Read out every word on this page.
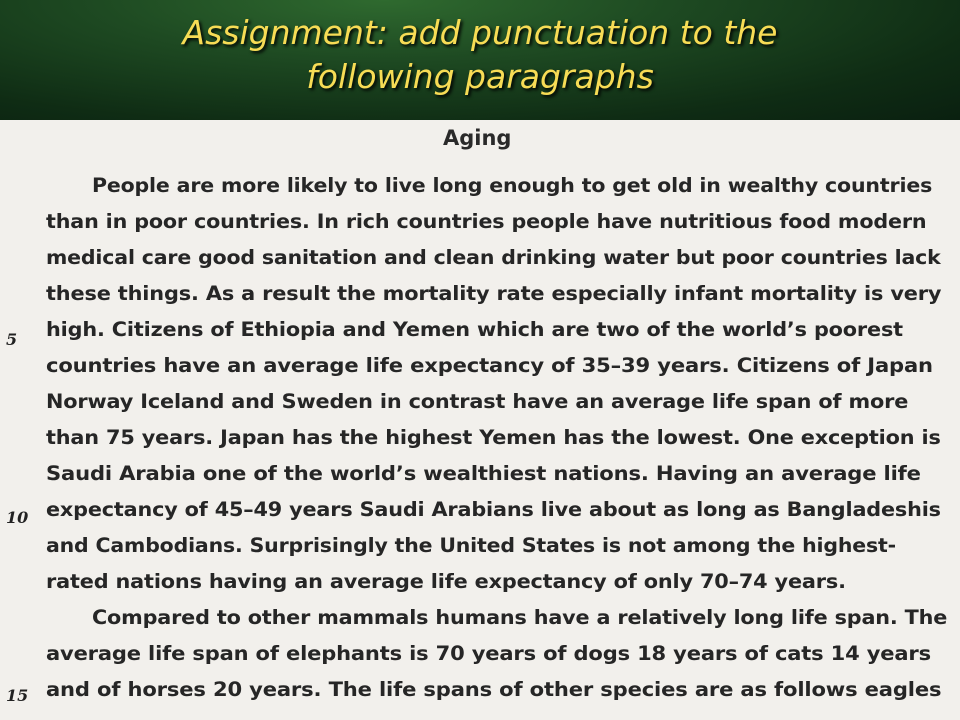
Assignment: add punctuation to the
following paragraphs
Aging
People are more likely to live long enough to get old in wealthy countries
than in poor countries. In rich countries people have nutritious food modern
medical care good sanitation and clean drinking water but poor countries lack
these things. As a result the mortality rate especially infant mortality is very
high. Citizens of Ethiopia and Yemen which are two of the world’s poorest
countries have an average life expectancy of 35–39 years. Citizens of Japan
Norway Iceland and Sweden in contrast have an average life span of more
than 75 years. Japan has the highest Yemen has the lowest. One exception is
Saudi Arabia one of the world’s wealthiest nations. Having an average life
expectancy of 45–49 years Saudi Arabians live about as long as Bangladeshis
and Cambodians. Surprisingly the United States is not among the highest-
rated nations having an average life expectancy of only 70–74 years.
Compared to other mammals humans have a relatively long life span. The
average life span of elephants is 70 years of dogs 18 years of cats 14 years
and of horses 20 years. The life spans of other species are as follows eagles
5
10
15
